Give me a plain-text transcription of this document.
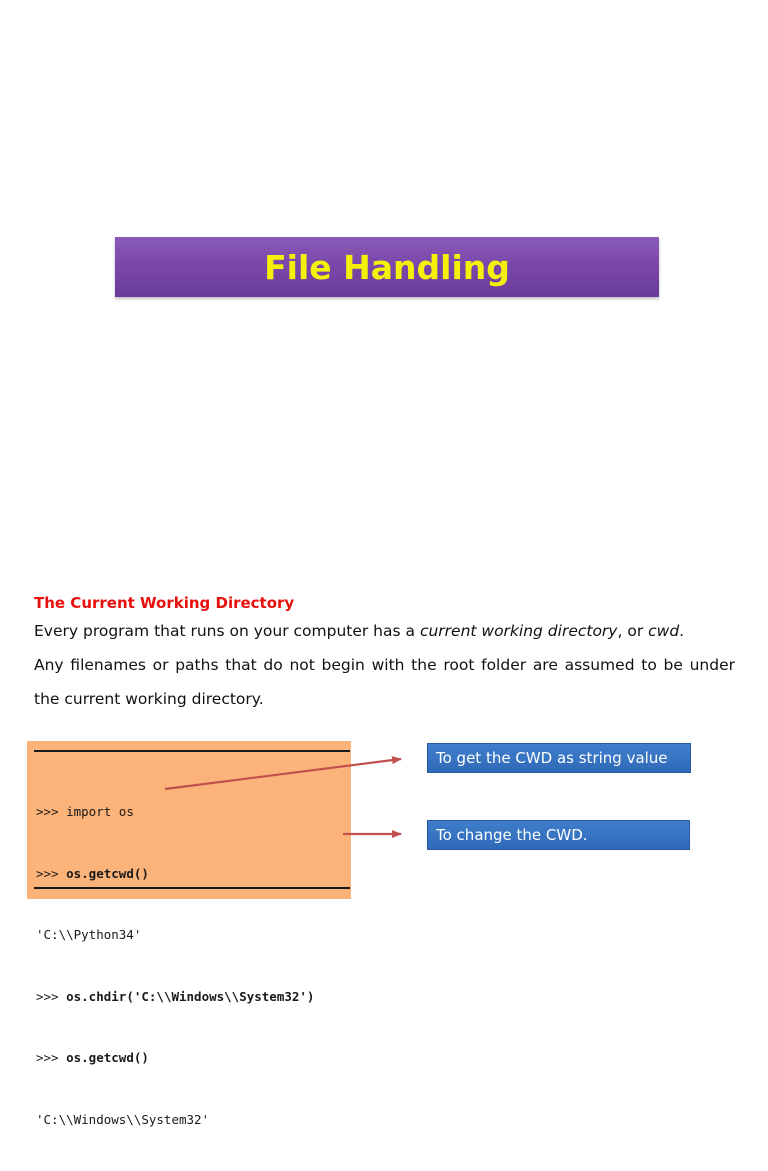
File Handling
The Current Working Directory
Every program that runs on your computer has a current working directory, or cwd.
Any filenames or paths that do not begin with the root folder are assumed to be under
the current working directory.

>>> import os

>>> os.getcwd()

'C:\\Python34'

>>> os.chdir('C:\\Windows\\System32')

>>> os.getcwd()

'C:\\Windows\\System32'

To get the CWD as string value
To change the CWD.
